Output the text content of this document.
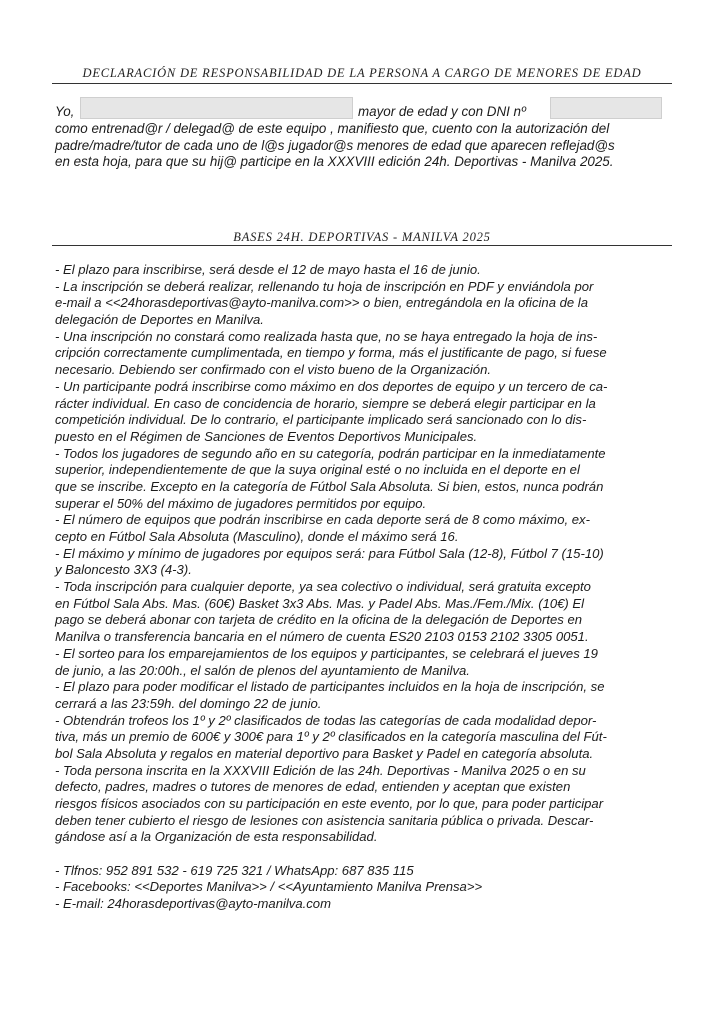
DECLARACIÓN DE RESPONSABILIDAD DE LA PERSONA A CARGO DE MENORES DE EDAD
Yo,	mayor de edad y con DNI nº
como entrenad@r / delegad@ de este equipo , manifiesto que, cuento con la autorización del
padre/madre/tutor de cada uno de l@s jugador@s menores de edad que aparecen reflejad@s
en esta hoja, para que su hij@ participe en la XXXVIII edición 24h. Deportivas - Manilva 2025.
BASES 24H. DEPORTIVAS - MANILVA 2025
- El plazo para inscribirse, será desde el 12 de mayo hasta el 16 de junio.
- La inscripción se deberá realizar, rellenando tu hoja de inscripción en PDF y enviándola por
e-mail a <<24horasdeportivas@ayto-manilva.com>> o bien, entregándola en la oficina de la
delegación de Deportes en Manilva.
- Una inscripción no constará como realizada hasta que, no se haya entregado la hoja de ins-
cripción correctamente cumplimentada, en tiempo y forma, más el justificante de pago, si fuese
necesario. Debiendo ser confirmado con el visto bueno de la Organización.
- Un participante podrá inscribirse como máximo en dos deportes de equipo y un tercero de ca-
rácter individual. En caso de concidencia de horario, siempre se deberá elegir participar en la
competición individual. De lo contrario, el participante implicado será sancionado con lo dis-
puesto en el Régimen de Sanciones de Eventos Deportivos Municipales.
- Todos los jugadores de segundo año en su categoría, podrán participar en la inmediatamente
superior, independientemente de que la suya original esté o no incluida en el deporte en el
que se inscribe. Excepto en la categoría de Fútbol Sala Absoluta. Si bien, estos, nunca podrán
superar el 50% del máximo de jugadores permitidos por equipo.
- El número de equipos que podrán inscribirse en cada deporte será de 8 como máximo, ex-
cepto en Fútbol Sala Absoluta (Masculino), donde el máximo será 16.
- El máximo y mínimo de jugadores por equipos será: para Fútbol Sala (12-8), Fútbol 7 (15-10)
y Baloncesto 3X3 (4-3).
- Toda inscripción para cualquier deporte, ya sea colectivo o individual, será gratuita excepto
en Fútbol Sala Abs. Mas. (60€) Basket 3x3 Abs. Mas. y Padel Abs. Mas./Fem./Mix. (10€) El
pago se deberá abonar con tarjeta de crédito en la oficina de la delegación de Deportes en
Manilva o transferencia bancaria en el número de cuenta ES20 2103 0153 2102 3305 0051.
- El sorteo para los emparejamientos de los equipos y participantes, se celebrará el jueves 19
de junio, a las 20:00h., el salón de plenos del ayuntamiento de Manilva.
- El plazo para poder modificar el listado de participantes incluidos en la hoja de inscripción, se
cerrará a las 23:59h. del domingo 22 de junio.
- Obtendrán trofeos los 1º y 2º clasificados de todas las categorías de cada modalidad depor-
tiva, más un premio de 600€ y 300€ para 1º y 2º clasificados en la categoría masculina del Fút-
bol Sala Absoluta y regalos en material deportivo para Basket y Padel en categoría absoluta.
- Toda persona inscrita en la XXXVIII Edición de las 24h. Deportivas - Manilva 2025 o en su
defecto, padres, madres o tutores de menores de edad, entienden y aceptan que existen
riesgos físicos asociados con su participación en este evento, por lo que, para poder participar
deben tener cubierto el riesgo de lesiones con asistencia sanitaria pública o privada. Descar-
gándose así a la Organización de esta responsabilidad.
- Tlfnos: 952 891 532 - 619 725 321 / WhatsApp: 687 835 115
- Facebooks: <<Deportes Manilva>> / <<Ayuntamiento Manilva Prensa>>
- E-mail: 24horasdeportivas@ayto-manilva.com
